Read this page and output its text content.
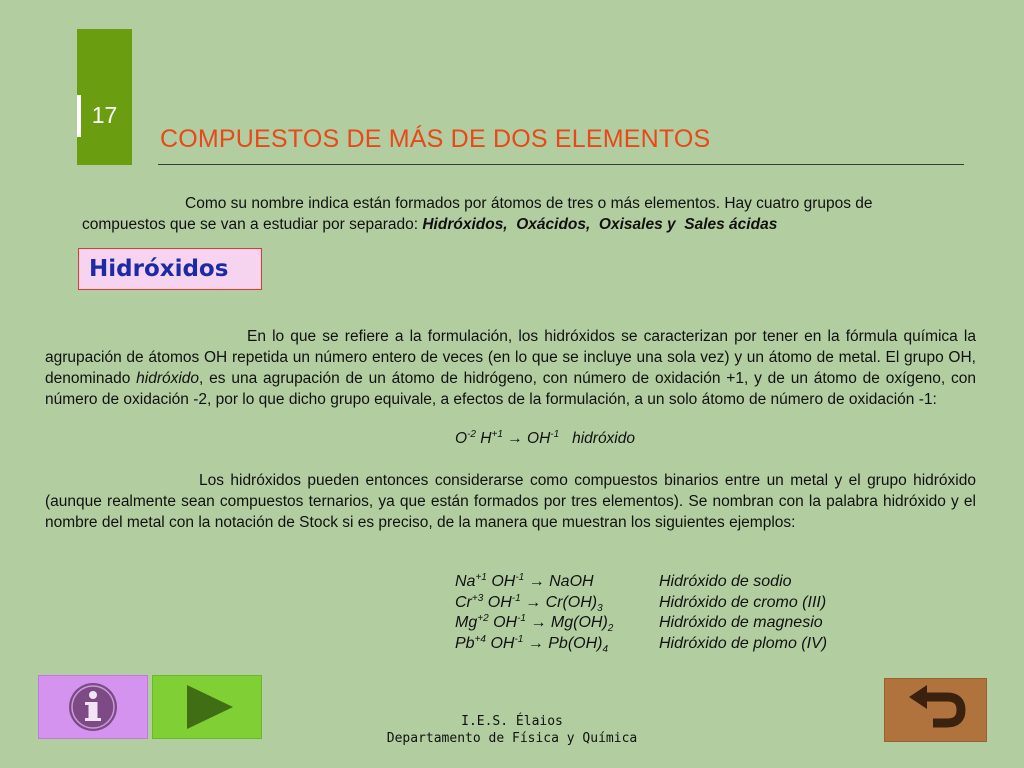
17
COMPUESTOS DE MÁS DE DOS ELEMENTOS
Como su nombre indica están formados por átomos de tres o más elementos. Hay cuatro grupos de compuestos que se van a estudiar por separado: Hidróxidos,  Oxácidos,  Oxisales y  Sales ácidas
Hidróxidos
En lo que se refiere a la formulación, los hidróxidos se caracterizan por tener en la fórmula química la agrupación de átomos OH repetida un número entero de veces (en lo que se incluye una sola vez) y un átomo de metal. El grupo OH, denominado hidróxido, es una agrupación de un átomo de hidrógeno, con número de oxidación +1, y de un átomo de oxígeno, con número de oxidación -2, por lo que dicho grupo equivale, a efectos de la formulación, a un solo átomo de número de oxidación -1:
$O^{-2}$ $H^{+1} \to OH^{-1}$ hidróxido
Los hidróxidos pueden entonces considerarse como compuestos binarios entre un metal y el grupo hidróxido (aunque realmente sean compuestos ternarios, ya que están formados por tres elementos). Se nombran con la palabra hidróxido y el nombre del metal con la notación de Stock si es preciso, de la manera que muestran los siguientes ejemplos:
$Na^{+1}$ $OH^{-1}$ → NaOH	Hidróxido de sodio
$Cr^{+3}$ $OH^{-1} \to Cr(OH)_3$	Hidróxido de cromo (III)
$Mg^{+2}$ $OH^{-1} \to Mg(OH)_2$	Hidróxido de magnesio
$Pb^{+4}$ $OH^{-1} \to Pb(OH)_4$	Hidróxido de plomo (IV)
I.E.S. Élaios
Departamento de Física y Química
